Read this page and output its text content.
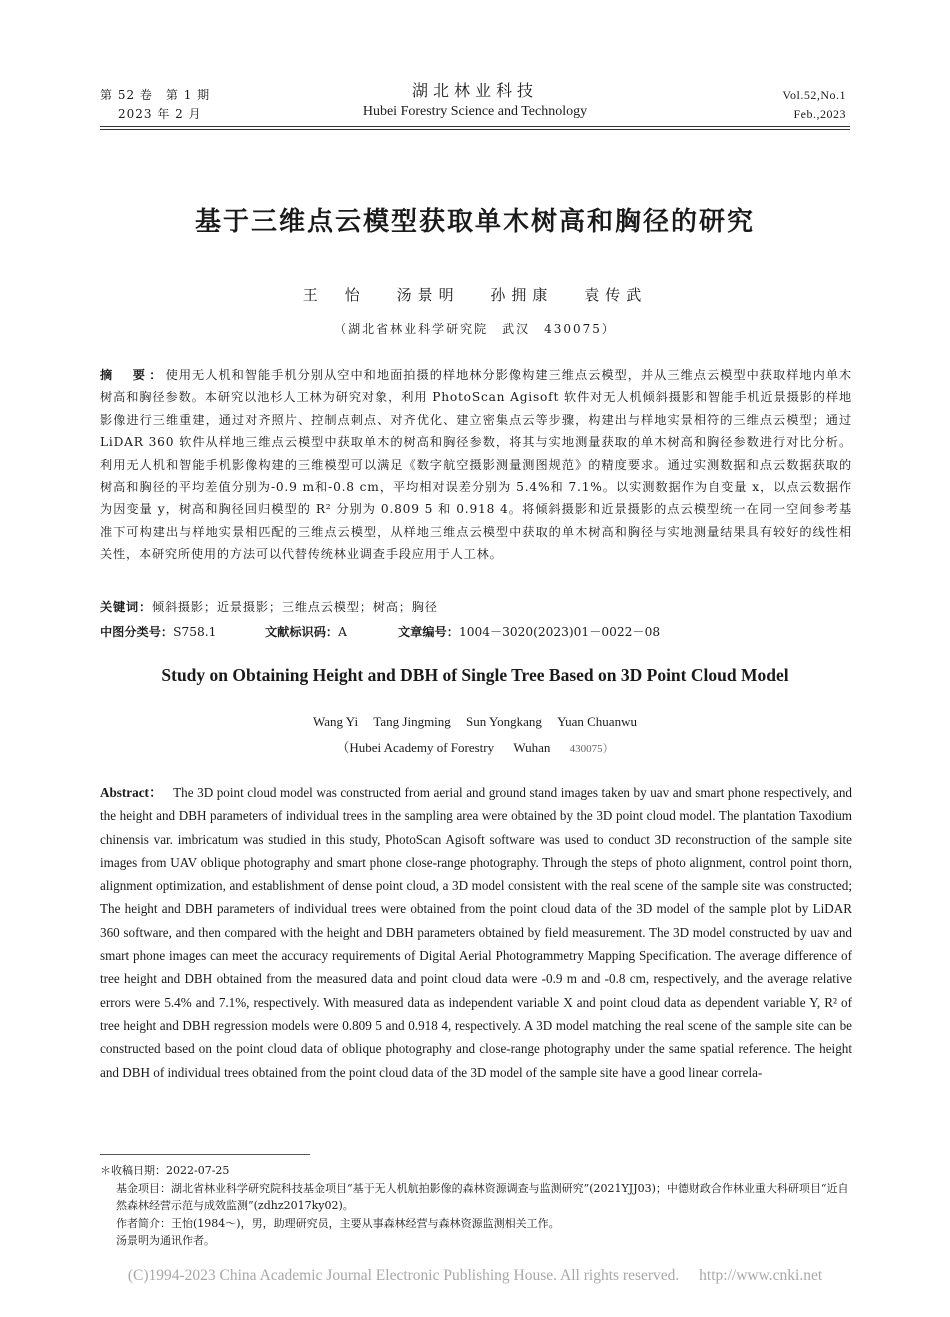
第 52 卷　第 1 期
2023 年 2 月
湖北林业科技
Hubei Forestry Science and Technology
Vol.52,No.1
Feb.,2023
基于三维点云模型获取单木树高和胸径的研究
王　怡 汤景明 孙拥康 袁传武
（湖北省林业科学研究院　武汉　430075）
摘　要：使用无人机和智能手机分别从空中和地面拍摄的样地林分影像构建三维点云模型，并从三维点云模型中获取样地内单木树高和胸径参数。本研究以池杉人工林为研究对象，利用 PhotoScan Agisoft 软件对无人机倾斜摄影和智能手机近景摄影的样地影像进行三维重建，通过对齐照片、控制点刺点、对齐优化、建立密集点云等步骤，构建出与样地实景相符的三维点云模型；通过 LiDAR 360 软件从样地三维点云模型中获取单木的树高和胸径参数，将其与实地测量获取的单木树高和胸径参数进行对比分析。利用无人机和智能手机影像构建的三维模型可以满足《数字航空摄影测量测图规范》的精度要求。通过实测数据和点云数据获取的树高和胸径的平均差值分别为-0.9 m和-0.8 cm，平均相对误差分别为 5.4%和 7.1%。以实测数据作为自变量 x，以点云数据作为因变量 y，树高和胸径回归模型的 R² 分别为 0.809 5 和 0.918 4。将倾斜摄影和近景摄影的点云模型统一在同一空间参考基准下可构建出与样地实景相匹配的三维点云模型，从样地三维点云模型中获取的单木树高和胸径与实地测量结果具有较好的线性相关性，本研究所使用的方法可以代替传统林业调查手段应用于人工林。
关键词：倾斜摄影；近景摄影；三维点云模型；树高；胸径
中图分类号：S758.1	文献标识码：A	文章编号：1004－3020(2023)01－0022－08
Study on Obtaining Height and DBH of Single Tree Based on 3D Point Cloud Model
Wang Yi Tang Jingming Sun Yongkang Yuan Chuanwu
（Hubei Academy of Forestry Wuhan 430075）
Abstract： The 3D point cloud model was constructed from aerial and ground stand images taken by uav and smart phone respectively, and the height and DBH parameters of individual trees in the sampling area were obtained by the 3D point cloud model. The plantation Taxodium chinensis var. imbricatum was studied in this study, PhotoScan Agisoft software was used to conduct 3D reconstruction of the sample site images from UAV oblique photography and smart phone close-range photography. Through the steps of photo alignment, control point thorn, alignment optimization, and establishment of dense point cloud, a 3D model consistent with the real scene of the sample site was constructed; The height and DBH parameters of individual trees were obtained from the point cloud data of the 3D model of the sample plot by LiDAR 360 software, and then compared with the height and DBH parameters obtained by field measurement. The 3D model constructed by uav and smart phone images can meet the accuracy requirements of Digital Aerial Photogrammetry Mapping Specification. The average difference of tree height and DBH obtained from the measured data and point cloud data were -0.9 m and -0.8 cm, respectively, and the average relative errors were 5.4% and 7.1%, respectively. With measured data as independent variable X and point cloud data as dependent variable Y, R² of tree height and DBH regression models were 0.809 5 and 0.918 4, respectively. A 3D model matching the real scene of the sample site can be constructed based on the point cloud data of oblique photography and close-range photography under the same spatial reference. The height and DBH of individual trees obtained from the point cloud data of the 3D model of the sample site have a good linear correla-
＊收稿日期：2022-07-25
基金项目：湖北省林业科学研究院科技基金项目“基于无人机航拍影像的森林资源调查与监测研究”(2021YJJ03)；中德财政合作林业重大科研项目“近自然森林经营示范与成效监测”(zdhz2017ky02)。
作者简介：王怡(1984～)，男，助理研究员，主要从事森林经营与森林资源监测相关工作。
汤景明为通讯作者。
(C)1994-2023 China Academic Journal Electronic Publishing House. All rights reserved. http://www.cnki.net
